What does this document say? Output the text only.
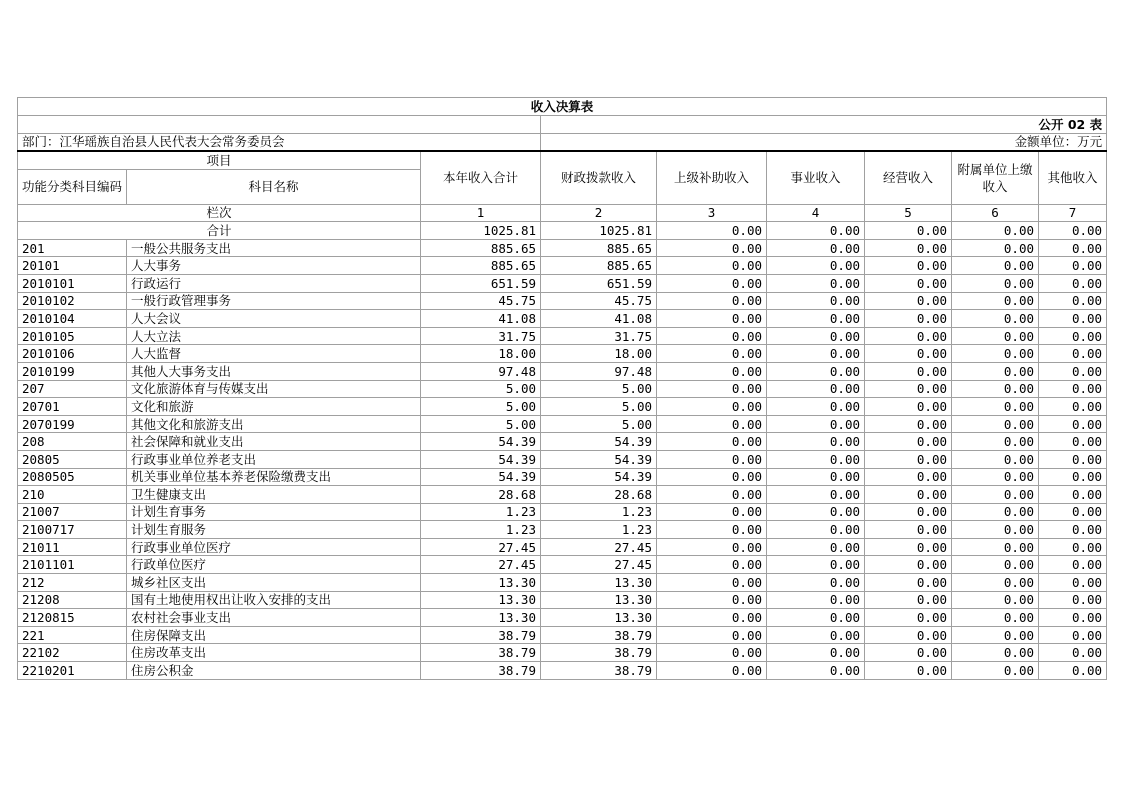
收入决算表								
			公开 02 表					
部门：江华瑶族自治县人民代表大会常务委员会			金额单位：万元					
项目		本年收入合计	财政拨款收入	上级补助收入	事业收入	经营收入	附属单位上缴收入	其他收入
功能分类科目编码	科目名称							
栏次		1	2	3	4	5	6	7
合计		1025.81	1025.81	0.00	0.00	0.00	0.00	0.00
201	一般公共服务支出	885.65	885.65	0.00	0.00	0.00	0.00	0.00
20101	人大事务	885.65	885.65	0.00	0.00	0.00	0.00	0.00
2010101	行政运行	651.59	651.59	0.00	0.00	0.00	0.00	0.00
2010102	一般行政管理事务	45.75	45.75	0.00	0.00	0.00	0.00	0.00
2010104	人大会议	41.08	41.08	0.00	0.00	0.00	0.00	0.00
2010105	人大立法	31.75	31.75	0.00	0.00	0.00	0.00	0.00
2010106	人大监督	18.00	18.00	0.00	0.00	0.00	0.00	0.00
2010199	其他人大事务支出	97.48	97.48	0.00	0.00	0.00	0.00	0.00
207	文化旅游体育与传媒支出	5.00	5.00	0.00	0.00	0.00	0.00	0.00
20701	文化和旅游	5.00	5.00	0.00	0.00	0.00	0.00	0.00
2070199	其他文化和旅游支出	5.00	5.00	0.00	0.00	0.00	0.00	0.00
208	社会保障和就业支出	54.39	54.39	0.00	0.00	0.00	0.00	0.00
20805	行政事业单位养老支出	54.39	54.39	0.00	0.00	0.00	0.00	0.00
2080505	机关事业单位基本养老保险缴费支出	54.39	54.39	0.00	0.00	0.00	0.00	0.00
210	卫生健康支出	28.68	28.68	0.00	0.00	0.00	0.00	0.00
21007	计划生育事务	1.23	1.23	0.00	0.00	0.00	0.00	0.00
2100717	计划生育服务	1.23	1.23	0.00	0.00	0.00	0.00	0.00
21011	行政事业单位医疗	27.45	27.45	0.00	0.00	0.00	0.00	0.00
2101101	行政单位医疗	27.45	27.45	0.00	0.00	0.00	0.00	0.00
212	城乡社区支出	13.30	13.30	0.00	0.00	0.00	0.00	0.00
21208	国有土地使用权出让收入安排的支出	13.30	13.30	0.00	0.00	0.00	0.00	0.00
2120815	农村社会事业支出	13.30	13.30	0.00	0.00	0.00	0.00	0.00
221	住房保障支出	38.79	38.79	0.00	0.00	0.00	0.00	0.00
22102	住房改革支出	38.79	38.79	0.00	0.00	0.00	0.00	0.00
2210201	住房公积金	38.79	38.79	0.00	0.00	0.00	0.00	0.00
